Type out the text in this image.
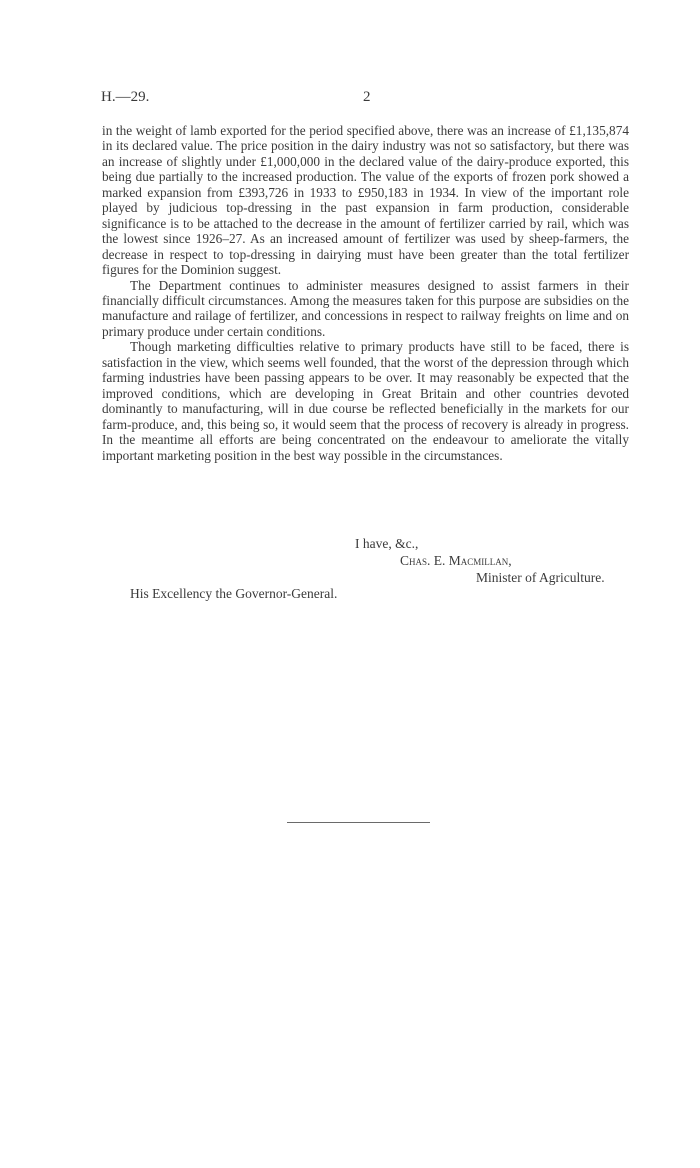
H.—29.	2

in the weight of lamb exported for the period specified above, there was an increase of £1,135,874 in its declared value. The price position in the dairy industry was not so satisfactory, but there was an increase of slightly under £1,000,000 in the declared value of the dairy-produce exported, this being due partially to the increased production. The value of the exports of frozen pork showed a marked expansion from £393,726 in 1933 to £950,183 in 1934. In view of the important role played by judicious top-dressing in the past expansion in farm production, considerable significance is to be attached to the decrease in the amount of fertilizer carried by rail, which was the lowest since 1926–27. As an increased amount of fertilizer was used by sheep-farmers, the decrease in respect to top-dressing in dairying must have been greater than the total fertilizer figures for the Dominion suggest.

The Department continues to administer measures designed to assist farmers in their financially difficult circumstances. Among the measures taken for this purpose are subsidies on the manufacture and railage of fertilizer, and concessions in respect to railway freights on lime and on primary produce under certain conditions.

Though marketing difficulties relative to primary products have still to be faced, there is satisfaction in the view, which seems well founded, that the worst of the depression through which farming industries have been passing appears to be over. It may reasonably be expected that the improved conditions, which are developing in Great Britain and other countries devoted dominantly to manufacturing, will in due course be reflected beneficially in the markets for our farm-produce, and, this being so, it would seem that the process of recovery is already in progress. In the meantime all efforts are being concentrated on the endeavour to ameliorate the vitally important marketing position in the best way possible in the circumstances.

I have, &c.,
Chas. E. Macmillan,
Minister of Agriculture.
His Excellency the Governor-General.
